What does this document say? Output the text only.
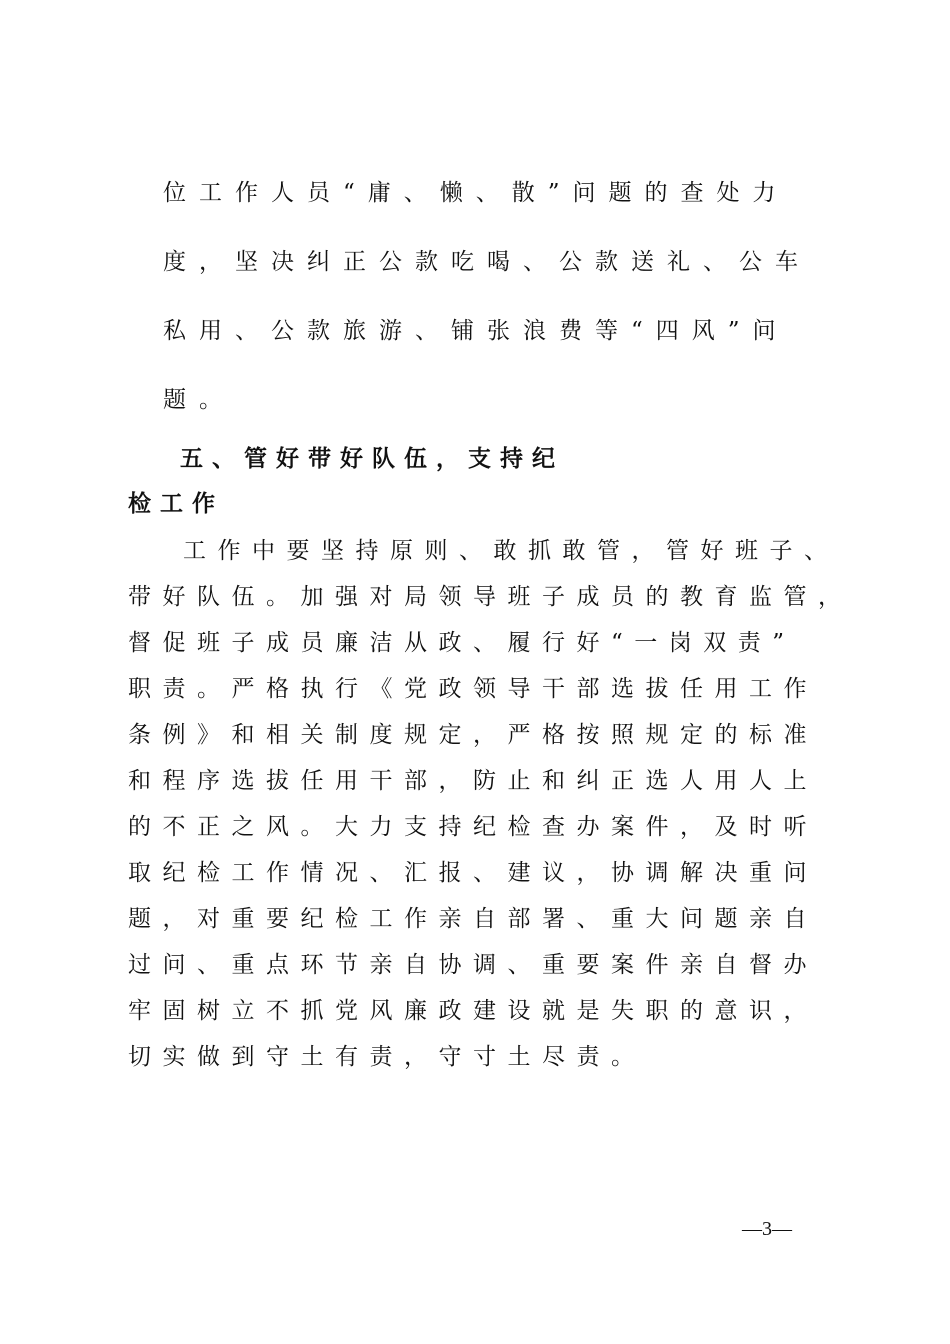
位工作人员“庸、懒、散”问题的查处力
度，坚决纠正公款吃喝、公款送礼、公车
私用、公款旅游、铺张浪费等“四风”问
题。
五、管好带好队伍，支持纪
检工作
工作中要坚持原则、敢抓敢管，管好班子、
带好队伍。加强对局领导班子成员的教育监管，
督促班子成员廉洁从政、履行好“一岗双责”
职责。严格执行《党政领导干部选拔任用工作
条例》和相关制度规定，严格按照规定的标准
和程序选拔任用干部，防止和纠正选人用人上
的不正之风。大力支持纪检查办案件，及时听
取纪检工作情况、汇报、建议，协调解决重问
题，对重要纪检工作亲自部署、重大问题亲自
过问、重点环节亲自协调、重要案件亲自督办
牢固树立不抓党风廉政建设就是失职的意识，
切实做到守土有责，守寸土尽责。
—3—
